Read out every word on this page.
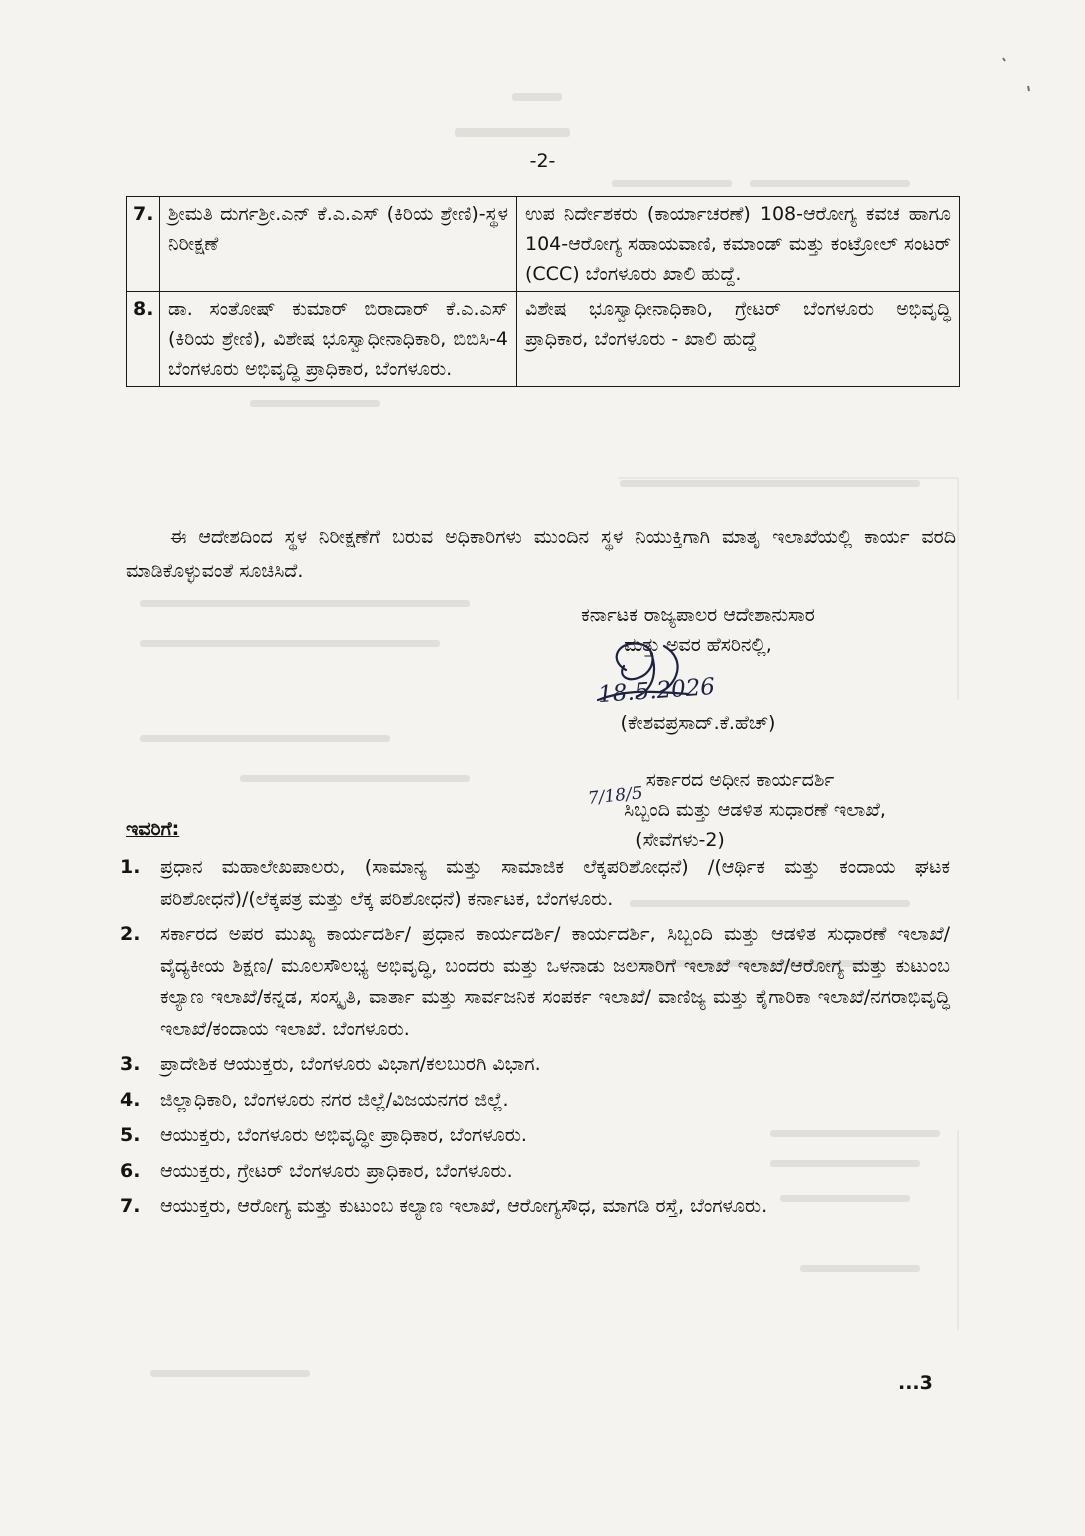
-2-
7.	ಶ್ರೀಮತಿ ದುರ್ಗಶ್ರೀ.ಎನ್ ಕೆ.ಎ.ಎಸ್ (ಕಿರಿಯ ಶ್ರೇಣಿ)-ಸ್ಥಳ ನಿರೀಕ್ಷಣೆ	ಉಪ ನಿರ್ದೇಶಕರು (ಕಾರ್ಯಾಚರಣೆ) 108-ಆರೋಗ್ಯ ಕವಚ ಹಾಗೂ 104-ಆರೋಗ್ಯ ಸಹಾಯವಾಣಿ, ಕಮಾಂಡ್ ಮತ್ತು ಕಂಟ್ರೋಲ್ ಸಂಟರ್ (CCC) ಬೆಂಗಳೂರು ಖಾಲಿ ಹುದ್ದೆ.
8.	ಡಾ. ಸಂತೋಷ್ ಕುಮಾರ್ ಬಿರಾದಾರ್ ಕೆ.ಎ.ಎಸ್ (ಕಿರಿಯ ಶ್ರೇಣಿ), ವಿಶೇಷ ಭೂಸ್ವಾಧೀನಾಧಿಕಾರಿ, ಬಿಬಿಸಿ-4 ಬೆಂಗಳೂರು ಅಭಿವೃದ್ಧಿ ಪ್ರಾಧಿಕಾರ, ಬೆಂಗಳೂರು.	ವಿಶೇಷ ಭೂಸ್ವಾಧೀನಾಧಿಕಾರಿ, ಗ್ರೇಟರ್ ಬೆಂಗಳೂರು ಅಭಿವೃದ್ಧಿ ಪ್ರಾಧಿಕಾರ, ಬೆಂಗಳೂರು - ಖಾಲಿ ಹುದ್ದೆ

ಈ ಆದೇಶದಿಂದ ಸ್ಥಳ ನಿರೀಕ್ಷಣೆಗೆ ಬರುವ ಅಧಿಕಾರಿಗಳು ಮುಂದಿನ ಸ್ಥಳ ನಿಯುಕ್ತಿಗಾಗಿ ಮಾತೃ ಇಲಾಖೆಯಲ್ಲಿ ಕಾರ್ಯ ವರದಿ ಮಾಡಿಕೊಳ್ಳುವಂತೆ ಸೂಚಿಸಿದೆ.

ಕರ್ನಾಟಕ ರಾಜ್ಯಪಾಲರ ಆದೇಶಾನುಸಾರ
ಮತ್ತು ಅವರ ಹೆಸರಿನಲ್ಲಿ,
(ಕೇಶವಪ್ರಸಾದ್.ಕೆ.ಹೆಚ್)
ಸರ್ಕಾರದ ಅಧೀನ ಕಾರ್ಯದರ್ಶಿ
ಸಿಬ್ಬಂದಿ ಮತ್ತು ಆಡಳಿತ ಸುಧಾರಣೆ ಇಲಾಖೆ,
(ಸೇವೆಗಳು-2)
18.5.2026
7/18/5

ಇವರಿಗೆ:

1. ಪ್ರಧಾನ ಮಹಾಲೇಖಪಾಲರು, (ಸಾಮಾನ್ಯ ಮತ್ತು ಸಾಮಾಜಿಕ ಲೆಕ್ಕಪರಿಶೋಧನೆ) /(ಆರ್ಥಿಕ ಮತ್ತು ಕಂದಾಯ ಘಟಕ ಪರಿಶೋಧನೆ)/(ಲೆಕ್ಕಪತ್ರ ಮತ್ತು ಲೆಕ್ಕ ಪರಿಶೋಧನೆ) ಕರ್ನಾಟಕ, ಬೆಂಗಳೂರು.
2. ಸರ್ಕಾರದ ಅಪರ ಮುಖ್ಯ ಕಾರ್ಯದರ್ಶಿ/ ಪ್ರಧಾನ ಕಾರ್ಯದರ್ಶಿ/ ಕಾರ್ಯದರ್ಶಿ, ಸಿಬ್ಬಂದಿ ಮತ್ತು ಆಡಳಿತ ಸುಧಾರಣೆ ಇಲಾಖೆ/ವೈದ್ಯಕೀಯ ಶಿಕ್ಷಣ/ ಮೂಲಸೌಲಭ್ಯ ಅಭಿವೃದ್ಧಿ, ಬಂದರು ಮತ್ತು ಒಳನಾಡು ಜಲಸಾರಿಗೆ ಇಲಾಖೆ ಇಲಾಖೆ/ಆರೋಗ್ಯ ಮತ್ತು ಕುಟುಂಬ ಕಲ್ಯಾಣ ಇಲಾಖೆ/ಕನ್ನಡ, ಸಂಸ್ಕೃತಿ, ವಾರ್ತಾ ಮತ್ತು ಸಾರ್ವಜನಿಕ ಸಂಪರ್ಕ ಇಲಾಖೆ/ ವಾಣಿಜ್ಯ ಮತ್ತು ಕೈಗಾರಿಕಾ ಇಲಾಖೆ/ನಗರಾಭಿವೃದ್ಧಿ ಇಲಾಖೆ/ಕಂದಾಯ ಇಲಾಖೆ. ಬೆಂಗಳೂರು.
3. ಪ್ರಾದೇಶಿಕ ಆಯುಕ್ತರು, ಬೆಂಗಳೂರು ವಿಭಾಗ/ಕಲಬುರಗಿ ವಿಭಾಗ.
4. ಜಿಲ್ಲಾಧಿಕಾರಿ, ಬೆಂಗಳೂರು ನಗರ ಜಿಲ್ಲೆ/ವಿಜಯನಗರ ಜಿಲ್ಲೆ.
5. ಆಯುಕ್ತರು, ಬೆಂಗಳೂರು ಅಭಿವೃದ್ಧೀ ಪ್ರಾಧಿಕಾರ, ಬೆಂಗಳೂರು.
6. ಆಯುಕ್ತರು, ಗ್ರೇಟರ್ ಬೆಂಗಳೂರು ಪ್ರಾಧಿಕಾರ, ಬೆಂಗಳೂರು.
7. ಆಯುಕ್ತರು, ಆರೋಗ್ಯ ಮತ್ತು ಕುಟುಂಬ ಕಲ್ಯಾಣ ಇಲಾಖೆ, ಆರೋಗ್ಯಸೌಧ, ಮಾಗಡಿ ರಸ್ತೆ, ಬೆಂಗಳೂರು.
...3
